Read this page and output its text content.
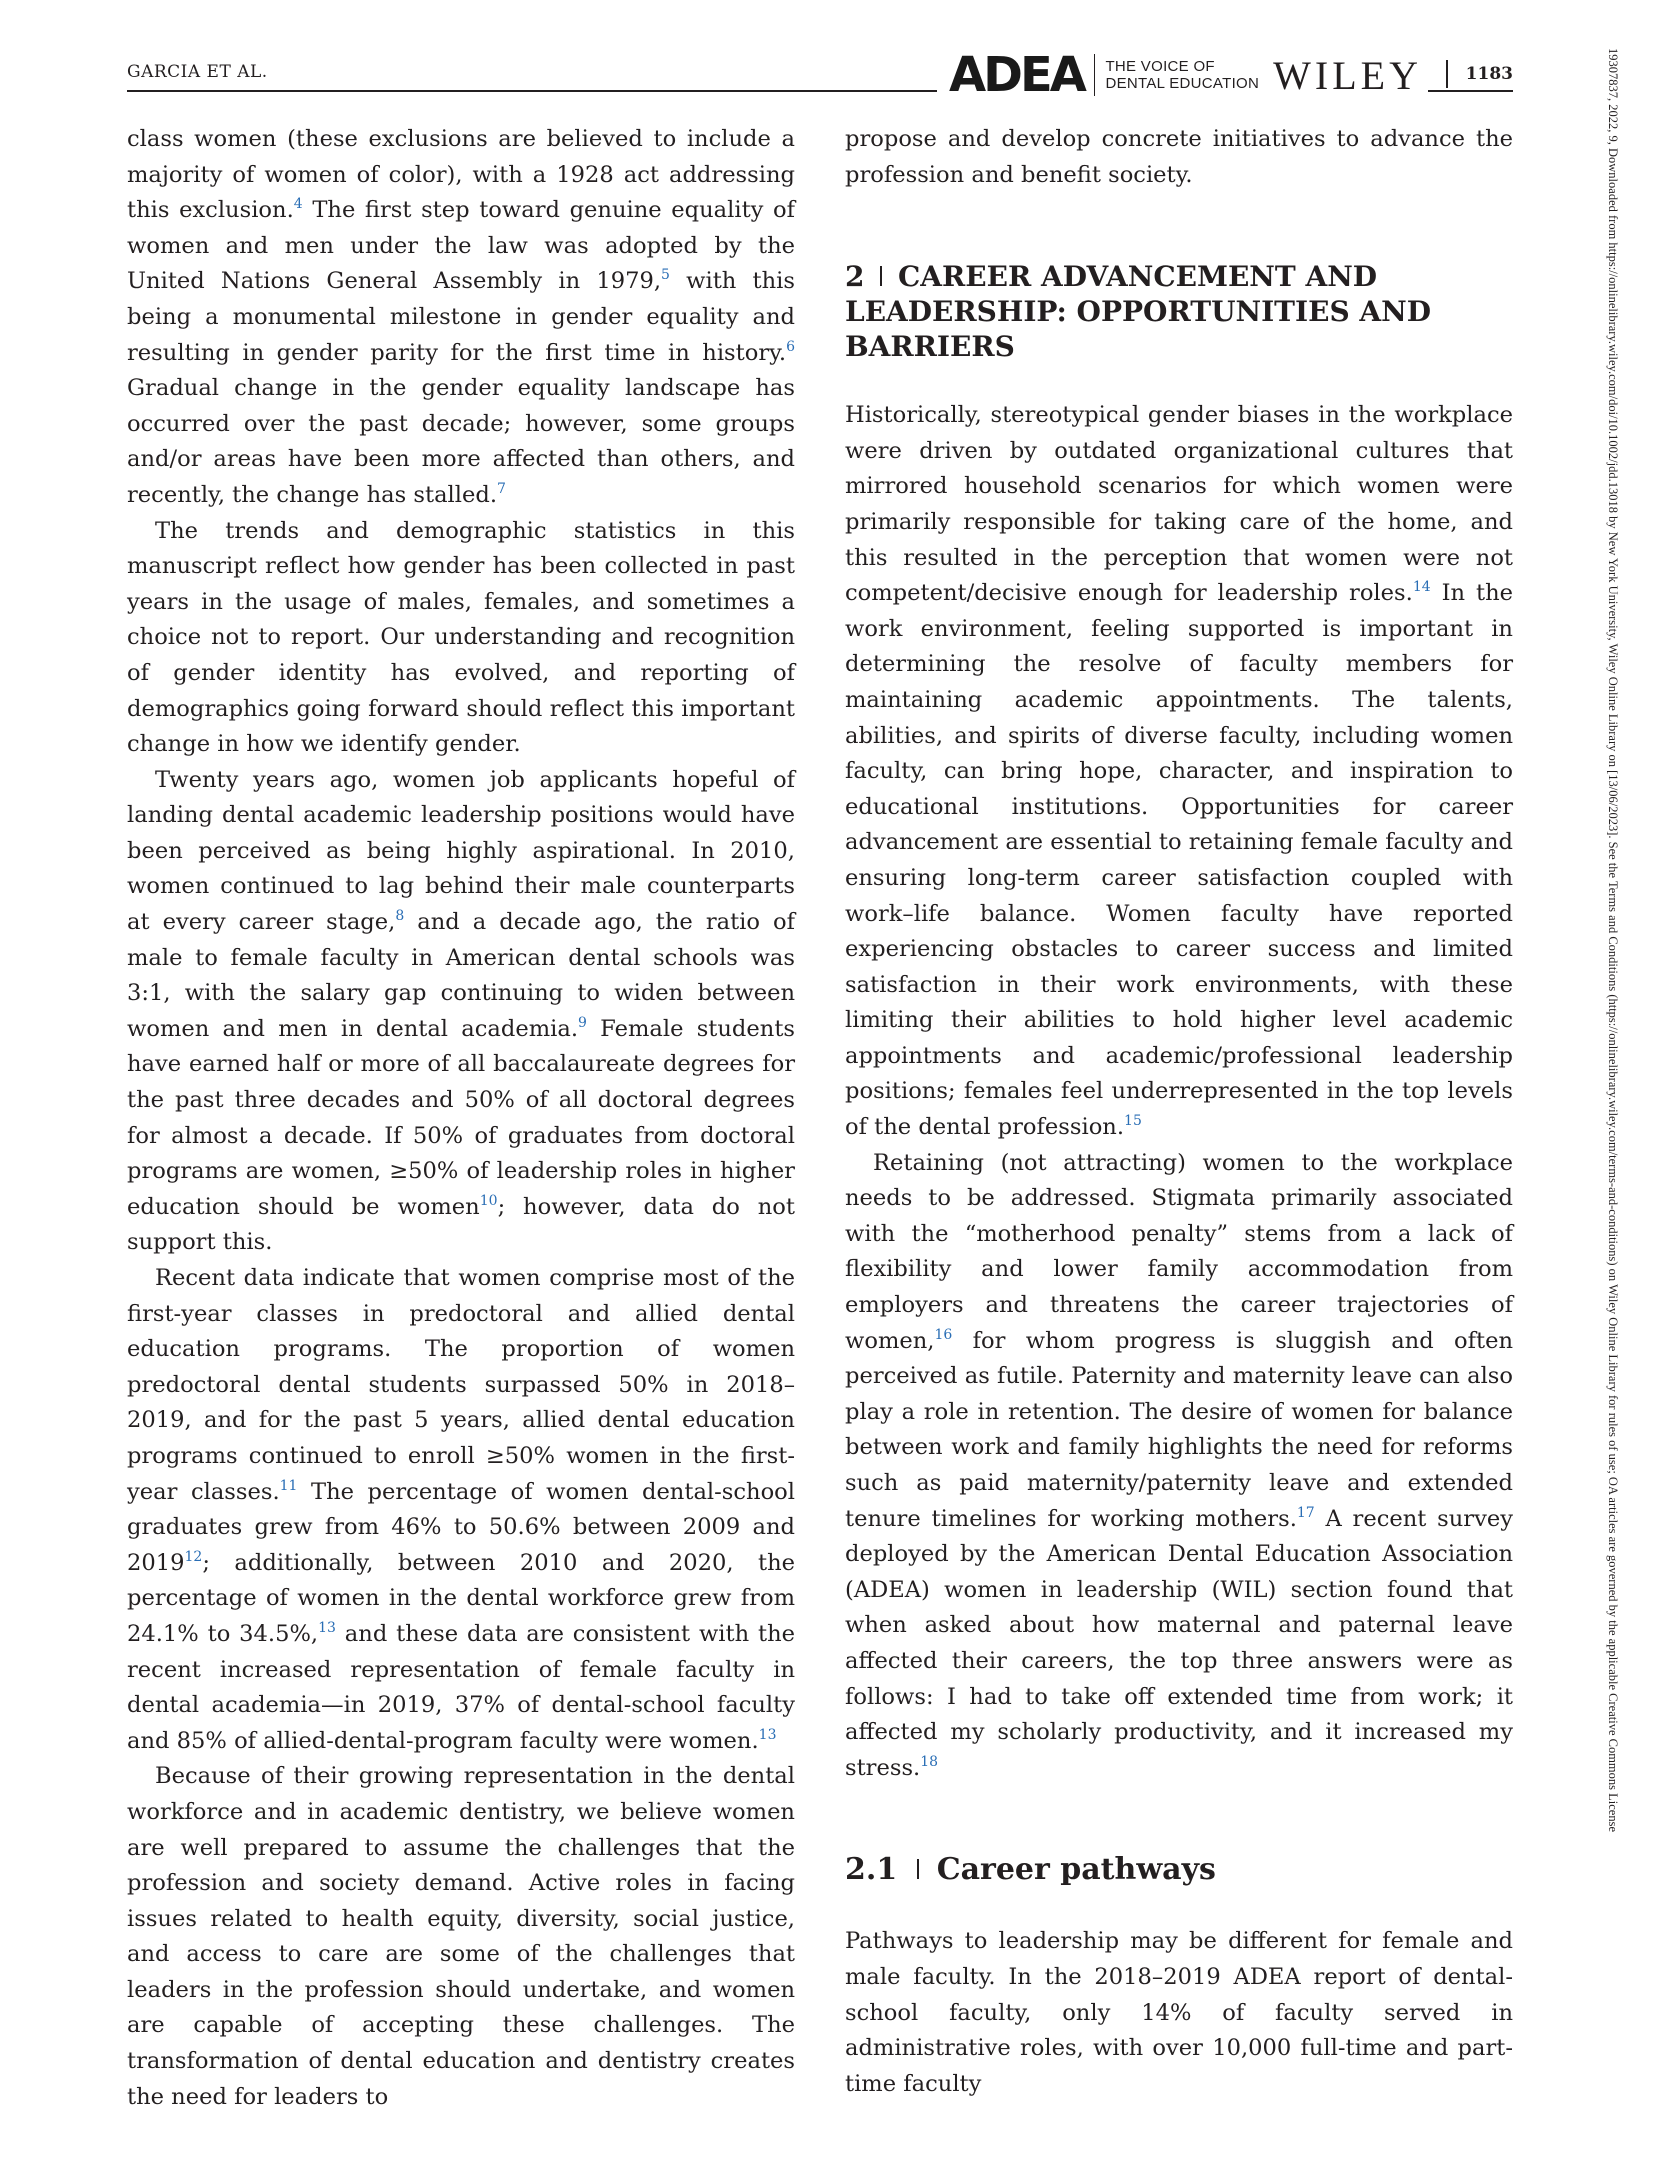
GARCIA ET AL.	ADEA THE VOICE OF
DENTAL EDUCATION WILEY	1183	19307837, 2022, 9, Downloaded from https://onlinelibrary.wiley.com/doi/10.1002/jdd.13018 by New York University, Wiley Online Library on [13/06/2023]. See the Terms and Conditions (https://onlinelibrary.wiley.com/terms-and-conditions) on Wiley Online Library for rules of use; OA articles are governed by the applicable Creative Commons License

class women (these exclusions are believed to include a majority of women of color), with a 1928 act addressing this exclusion.$^4$ The first step toward genuine equality of women and men under the law was adopted by the United Nations General Assembly in 1979,$^5$ with this being a monumental milestone in gender equality and resulting in gender parity for the first time in history.$^6$ Gradual change in the gender equality landscape has occurred over the past decade; however, some groups and/or areas have been more affected than others, and recently, the change has stalled.$^7$

The trends and demographic statistics in this manuscript reflect how gender has been collected in past years in the usage of males, females, and sometimes a choice not to report. Our understanding and recognition of gender identity has evolved, and reporting of demographics going forward should reflect this important change in how we identify gender.

Twenty years ago, women job applicants hopeful of landing dental academic leadership positions would have been perceived as being highly aspirational. In 2010, women continued to lag behind their male counterparts at every career stage,$^8$ and a decade ago, the ratio of male to female faculty in American dental schools was 3:1, with the salary gap continuing to widen between women and men in dental academia.$^9$ Female students have earned half or more of all baccalaureate degrees for the past three decades and 50% of all doctoral degrees for almost a decade. If 50% of graduates from doctoral programs are women, ≥50% of leadership roles in higher education should be women$^{10}$; however, data do not support this.

Recent data indicate that women comprise most of the first-year classes in predoctoral and allied dental education programs. The proportion of women predoctoral dental students surpassed 50% in 2018–2019, and for the past 5 years, allied dental education programs continued to enroll ≥50% women in the first-year classes.$^{11}$ The percentage of women dental-school graduates grew from 46% to 50.6% between 2009 and 2019$^{12}$; additionally, between 2010 and 2020, the percentage of women in the dental workforce grew from 24.1% to 34.5%,$^{13}$ and these data are consistent with the recent increased representation of female faculty in dental academia—in 2019, 37% of dental-school faculty and 85% of allied-dental-program faculty were women.$^{13}$

Because of their growing representation in the dental workforce and in academic dentistry, we believe women are well prepared to assume the challenges that the profession and society demand. Active roles in facing issues related to health equity, diversity, social justice, and access to care are some of the challenges that leaders in the profession should undertake, and women are capable of accepting these challenges. The transformation of dental education and dentistry creates the need for leaders to

propose and develop concrete initiatives to advance the profession and benefit society.

2 CAREER ADVANCEMENT AND LEADERSHIP: OPPORTUNITIES AND BARRIERS

Historically, stereotypical gender biases in the workplace were driven by outdated organizational cultures that mirrored household scenarios for which women were primarily responsible for taking care of the home, and this resulted in the perception that women were not competent/decisive enough for leadership roles.$^{14}$ In the work environment, feeling supported is important in determining the resolve of faculty members for maintaining academic appointments. The talents, abilities, and spirits of diverse faculty, including women faculty, can bring hope, character, and inspiration to educational institutions. Opportunities for career advancement are essential to retaining female faculty and ensuring long-term career satisfaction coupled with work–life balance. Women faculty have reported experiencing obstacles to career success and limited satisfaction in their work environments, with these limiting their abilities to hold higher level academic appointments and academic/professional leadership positions; females feel underrepresented in the top levels of the dental profession.$^{15}$

Retaining (not attracting) women to the workplace needs to be addressed. Stigmata primarily associated with the “motherhood penalty” stems from a lack of flexibility and lower family accommodation from employers and threatens the career trajectories of women,$^{16}$ for whom progress is sluggish and often perceived as futile. Paternity and maternity leave can also play a role in retention. The desire of women for balance between work and family highlights the need for reforms such as paid maternity/paternity leave and extended tenure timelines for working mothers.$^{17}$ A recent survey deployed by the American Dental Education Association (ADEA) women in leadership (WIL) section found that when asked about how maternal and paternal leave affected their careers, the top three answers were as follows: I had to take off extended time from work; it affected my scholarly productivity, and it increased my stress.$^{18}$

2.1 Career pathways

Pathways to leadership may be different for female and male faculty. In the 2018–2019 ADEA report of dental-school faculty, only 14% of faculty served in administrative roles, with over 10,000 full-time and part-time faculty
